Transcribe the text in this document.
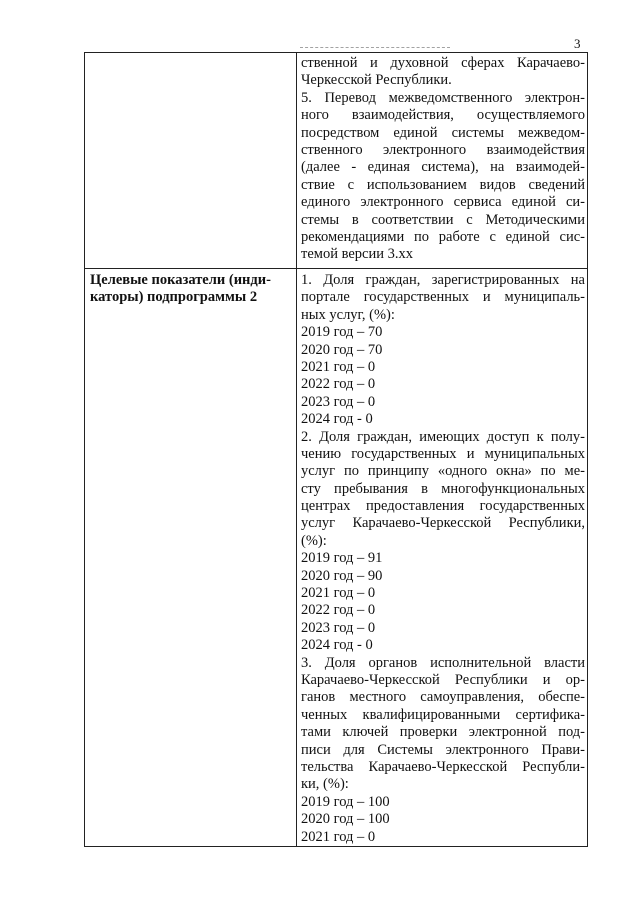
3
ственной и духовной сферах Карачаево-
Черкесской Республики.
5. Перевод межведомственного электрон-
ного взаимодействия, осуществляемого
посредством единой системы межведом-
ственного электронного взаимодействия
(далее - единая система), на взаимодей-
ствие с использованием видов сведений
единого электронного сервиса единой си-
стемы в соответствии с Методическими
рекомендациями по работе с единой сис-
темой версии 3.хх
Целевые показатели (инди-
каторы) подпрограммы 2
1. Доля граждан, зарегистрированных на
портале государственных и муниципаль-
ных услуг, (%):
2019 год – 70
2020 год – 70
2021 год – 0
2022 год – 0
2023 год – 0
2024 год - 0
2. Доля граждан, имеющих доступ к полу-
чению государственных и муниципальных
услуг по принципу «одного окна» по ме-
сту пребывания в многофункциональных
центрах предоставления государственных
услуг Карачаево-Черкесской Республики,
(%):
2019 год – 91
2020 год – 90
2021 год – 0
2022 год – 0
2023 год – 0
2024 год - 0
3. Доля органов исполнительной власти
Карачаево-Черкесской Республики и ор-
ганов местного самоуправления, обеспе-
ченных квалифицированными сертифика-
тами ключей проверки электронной под-
писи для Системы электронного Прави-
тельства Карачаево-Черкесской Республи-
ки, (%):
2019 год – 100
2020 год – 100
2021 год – 0
